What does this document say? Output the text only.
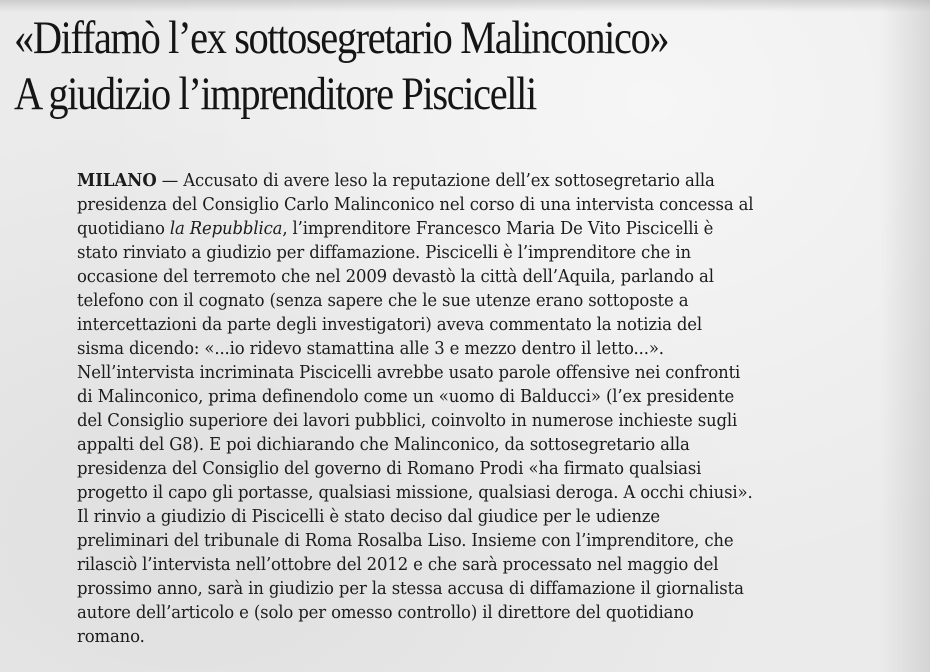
«Diffamò l’ex sottosegretario Malinconico»
A giudizio l’imprenditore Piscicelli
MILANO — Accusato di avere leso la reputazione dell’ex sottosegretario alla
presidenza del Consiglio Carlo Malinconico nel corso di una intervista concessa al
quotidiano la Repubblica, l’imprenditore Francesco Maria De Vito Piscicelli è
stato rinviato a giudizio per diffamazione. Piscicelli è l’imprenditore che in
occasione del terremoto che nel 2009 devastò la città dell’Aquila, parlando al
telefono con il cognato (senza sapere che le sue utenze erano sottoposte a
intercettazioni da parte degli investigatori) aveva commentato la notizia del
sisma dicendo: «...io ridevo stamattina alle 3 e mezzo dentro il letto...».
Nell’intervista incriminata Piscicelli avrebbe usato parole offensive nei confronti
di Malinconico, prima definendolo come un «uomo di Balducci» (l’ex presidente
del Consiglio superiore dei lavori pubblici, coinvolto in numerose inchieste sugli
appalti del G8). E poi dichiarando che Malinconico, da sottosegretario alla
presidenza del Consiglio del governo di Romano Prodi «ha firmato qualsiasi
progetto il capo gli portasse, qualsiasi missione, qualsiasi deroga. A occhi chiusi».
Il rinvio a giudizio di Piscicelli è stato deciso dal giudice per le udienze
preliminari del tribunale di Roma Rosalba Liso. Insieme con l’imprenditore, che
rilasciò l’intervista nell’ottobre del 2012 e che sarà processato nel maggio del
prossimo anno, sarà in giudizio per la stessa accusa di diffamazione il giornalista
autore dell’articolo e (solo per omesso controllo) il direttore del quotidiano
romano.
